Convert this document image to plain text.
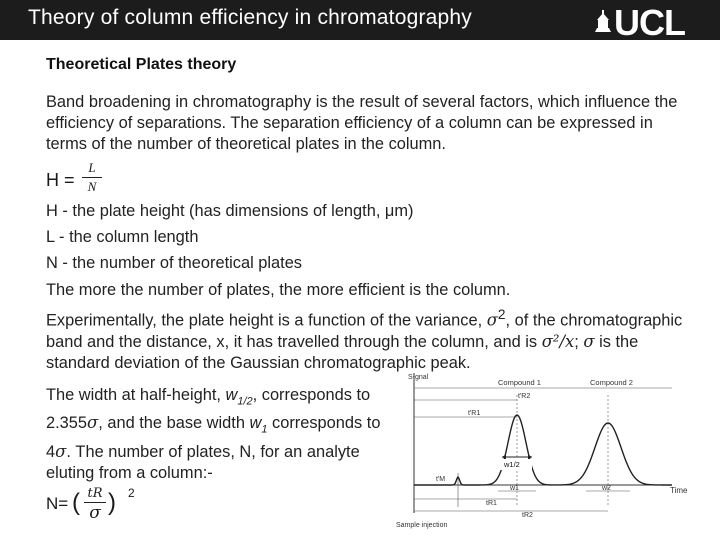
Theory of column efficiency in chromatography	UCL
Theoretical Plates theory

Band broadening in chromatography is the result of several factors, which influence the efficiency of separations. The separation efficiency of a column can be expressed in terms of the number of theoretical plates in the column.

$H = \frac{L}{N}$
H - the plate height (has dimensions of length, μm)
L - the column length
N - the number of theoretical plates

The more the number of plates, the more efficient is the column.

Experimentally, the plate height is a function of the variance, $\sigma^2$, of the chromatographic band and the distance, x, it has travelled through the column, and is σ²/x; σ is the standard deviation of the Gaussian chromatographic peak.

The width at half-height, $w_{1/2}$, corresponds to 2.355σ, and the base width $w_1$ corresponds to 4σ. The number of plates, N, for an analyte eluting from a column:-

N= ( tR
σ ) 2
S-gnal
Time
Compound 1	Compound 2
t'R2
t'R1
t'M
w1/2
w1	w2
tR1
tR2
Sample injection
